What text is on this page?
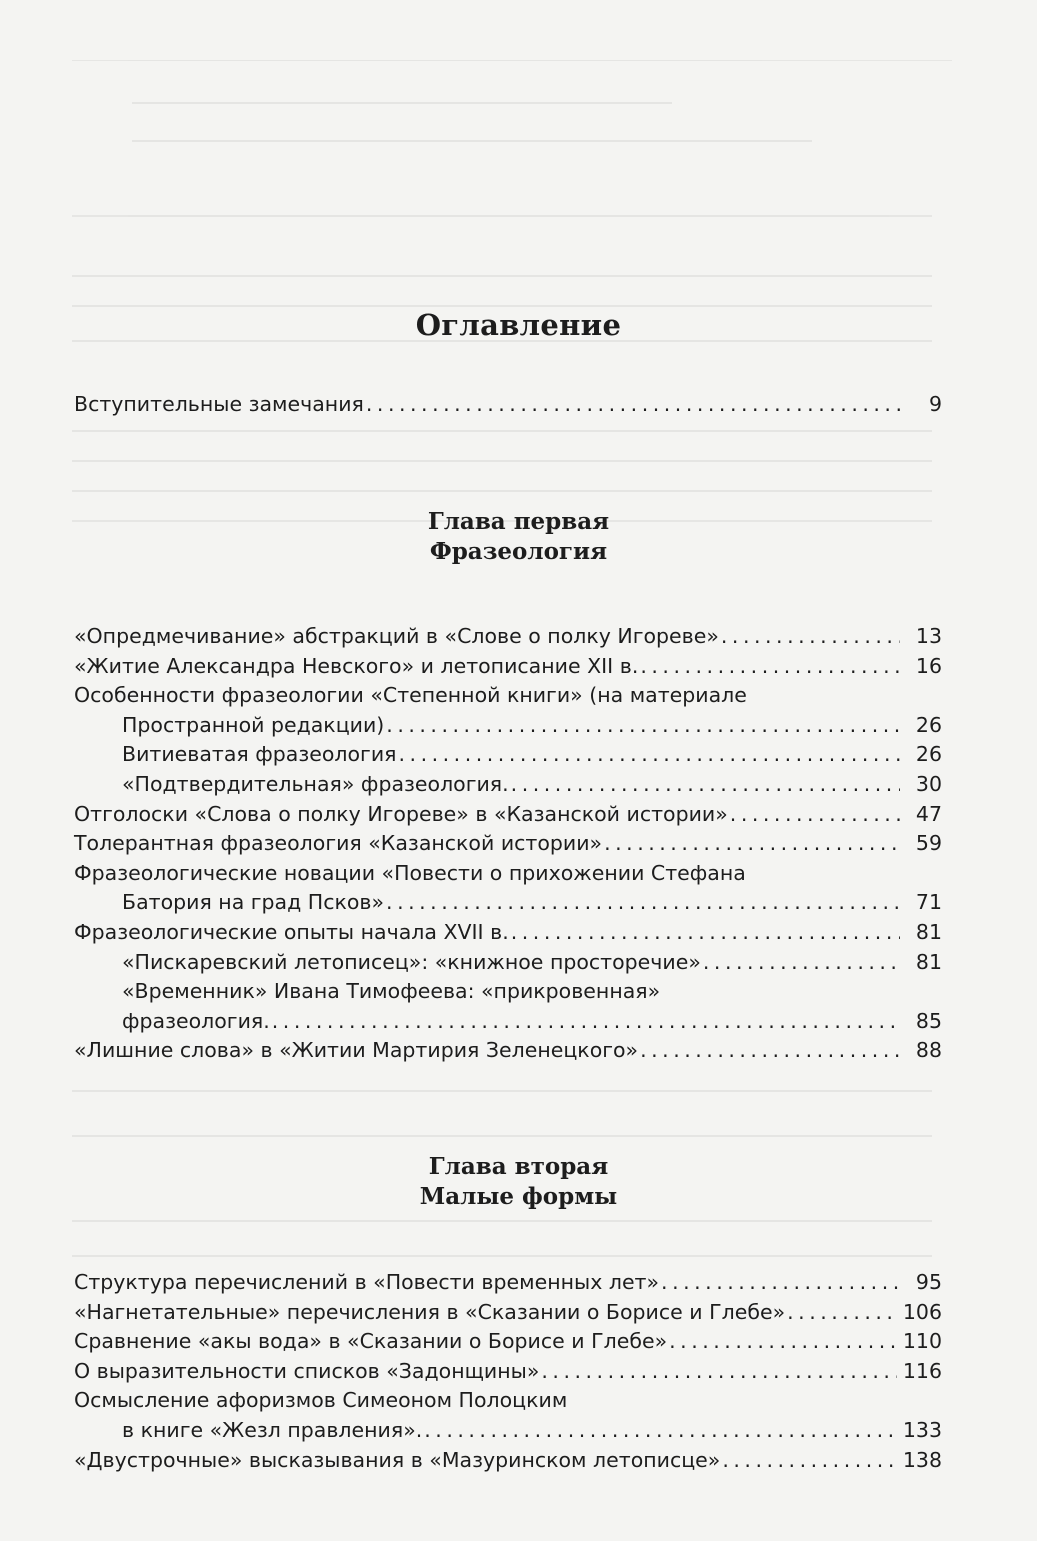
Оглавление
Вступительные замечания . . .	9
Глава первая
Фразеология
«Опредмечивание» абстракций в «Слове о полку Игореве» . . .	13
«Житие Александра Невского» и летописание XII в. . . .	16
Особенности фразеологии «Степенной книги» (на материале
Пространной редакции) . . .	26
Витиеватая фразеология . . .	26
«Подтвердительная» фразеология. . . .	30
Отголоски «Слова о полку Игореве» в «Казанской истории» . . .	47
Толерантная фразеология «Казанской истории» . . .	59
Фразеологические новации «Повести о прихожении Стефана
Батория на град Псков» . . .	71
Фразеологические опыты начала XVII в. . . .	81
«Пискаревский летописец»: «книжное просторечие» . . .	81
«Временник» Ивана Тимофеева: «прикровенная»
фразеология. . . .	85
«Лишние слова» в «Житии Мартирия Зеленецкого» . . .	88
Глава вторая
Малые формы
Структура перечислений в «Повести временных лет» . . .	95
«Нагнетательные» перечисления в «Сказании о Борисе и Глебе» . . .	106
Сравнение «акы вода» в «Сказании о Борисе и Глебе» . . .	110
О выразительности списков «Задонщины» . . .	116
Осмысление афоризмов Симеоном Полоцким
в книге «Жезл правления». . . .	133
«Двустрочные» высказывания в «Мазуринском летописце» . . .	138
